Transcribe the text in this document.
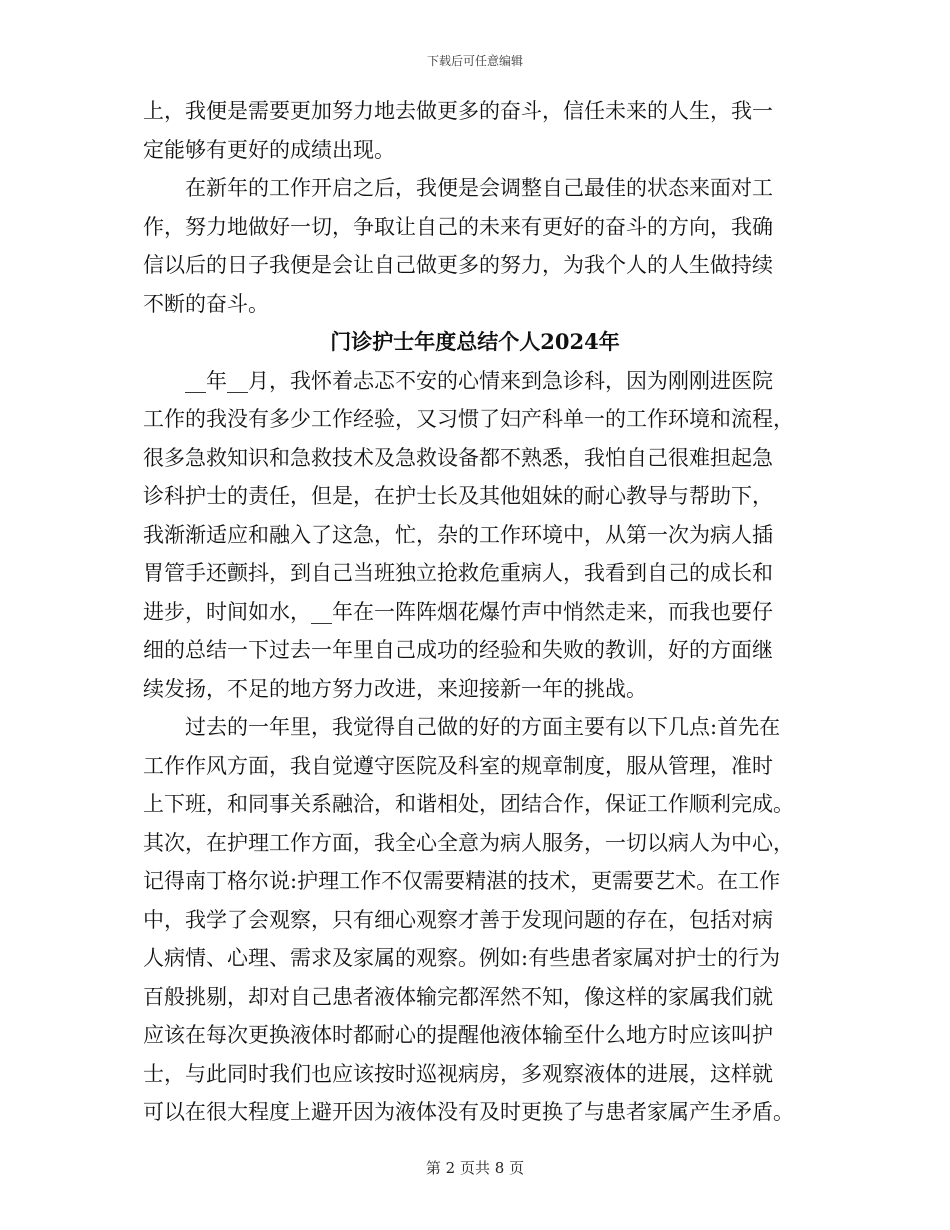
下载后可任意编辑
上，我便是需要更加努力地去做更多的奋斗，信任未来的人生，我一
定能够有更好的成绩出现。
在新年的工作开启之后，我便是会调整自己最佳的状态来面对工
作，努力地做好一切，争取让自己的未来有更好的奋斗的方向，我确
信以后的日子我便是会让自己做更多的努力，为我个人的人生做持续
不断的奋斗。
门诊护士年度总结个人2024年
__年__月，我怀着忐忑不安的心情来到急诊科，因为刚刚进医院
工作的我没有多少工作经验，又习惯了妇产科单一的工作环境和流程，
很多急救知识和急救技术及急救设备都不熟悉，我怕自己很难担起急
诊科护士的责任，但是，在护士长及其他姐妹的耐心教导与帮助下，
我渐渐适应和融入了这急，忙，杂的工作环境中，从第一次为病人插
胃管手还颤抖，到自己当班独立抢救危重病人，我看到自己的成长和
进步，时间如水，__年在一阵阵烟花爆竹声中悄然走来，而我也要仔
细的总结一下过去一年里自己成功的经验和失败的教训，好的方面继
续发扬，不足的地方努力改进，来迎接新一年的挑战。
过去的一年里，我觉得自己做的好的方面主要有以下几点:首先在
工作作风方面，我自觉遵守医院及科室的规章制度，服从管理，准时
上下班，和同事关系融洽，和谐相处，团结合作，保证工作顺利完成。
其次，在护理工作方面，我全心全意为病人服务，一切以病人为中心，
记得南丁格尔说:护理工作不仅需要精湛的技术，更需要艺术。在工作
中，我学了会观察，只有细心观察才善于发现问题的存在，包括对病
人病情、心理、需求及家属的观察。例如:有些患者家属对护士的行为
百般挑剔，却对自己患者液体输完都浑然不知，像这样的家属我们就
应该在每次更换液体时都耐心的提醒他液体输至什么地方时应该叫护
士，与此同时我们也应该按时巡视病房，多观察液体的进展，这样就
可以在很大程度上避开因为液体没有及时更换了与患者家属产生矛盾。
第 2 页共 8 页
